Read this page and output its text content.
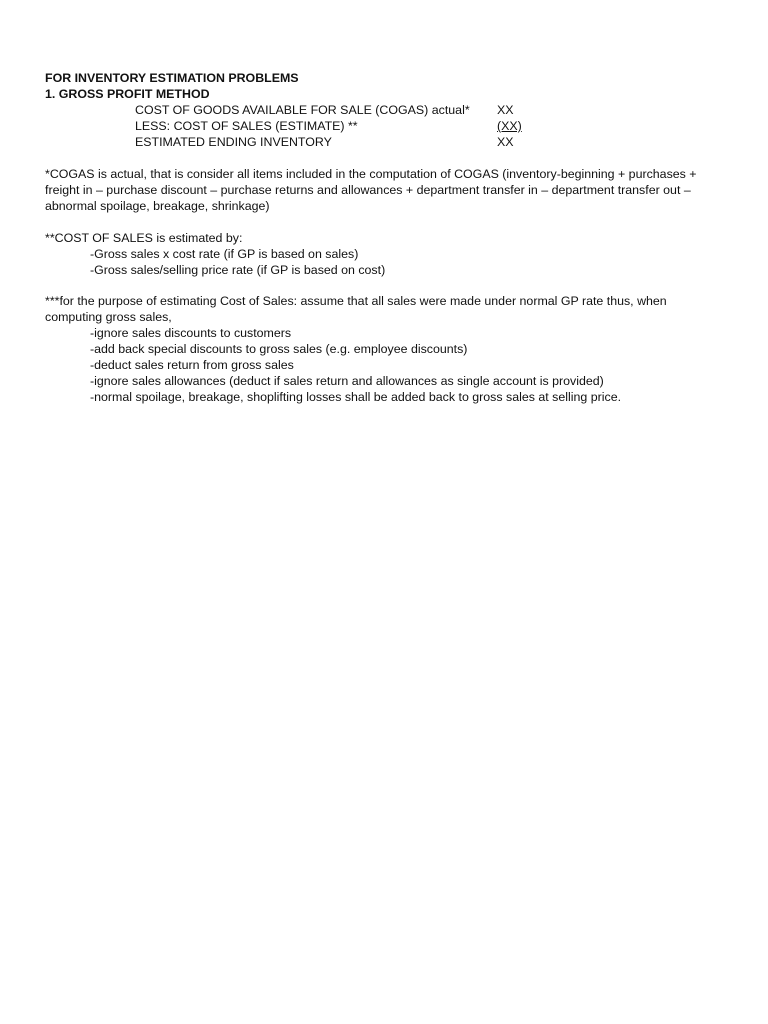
FOR INVENTORY ESTIMATION PROBLEMS
1. GROSS PROFIT METHOD
COST OF GOODS AVAILABLE FOR SALE (COGAS) actual* XX
LESS: COST OF SALES (ESTIMATE) **	(XX)
ESTIMATED ENDING INVENTORY	XX
*COGAS is actual, that is consider all items included in the computation of COGAS (inventory-beginning + purchases +
freight in – purchase discount – purchase returns and allowances + department transfer in – department transfer out –
abnormal spoilage, breakage, shrinkage)
**COST OF SALES is estimated by:
-Gross sales x cost rate (if GP is based on sales)
-Gross sales/selling price rate (if GP is based on cost)
***for the purpose of estimating Cost of Sales: assume that all sales were made under normal GP rate thus, when
computing gross sales,
-ignore sales discounts to customers
-add back special discounts to gross sales (e.g. employee discounts)
-deduct sales return from gross sales
-ignore sales allowances (deduct if sales return and allowances as single account is provided)
-normal spoilage, breakage, shoplifting losses shall be added back to gross sales at selling price.
